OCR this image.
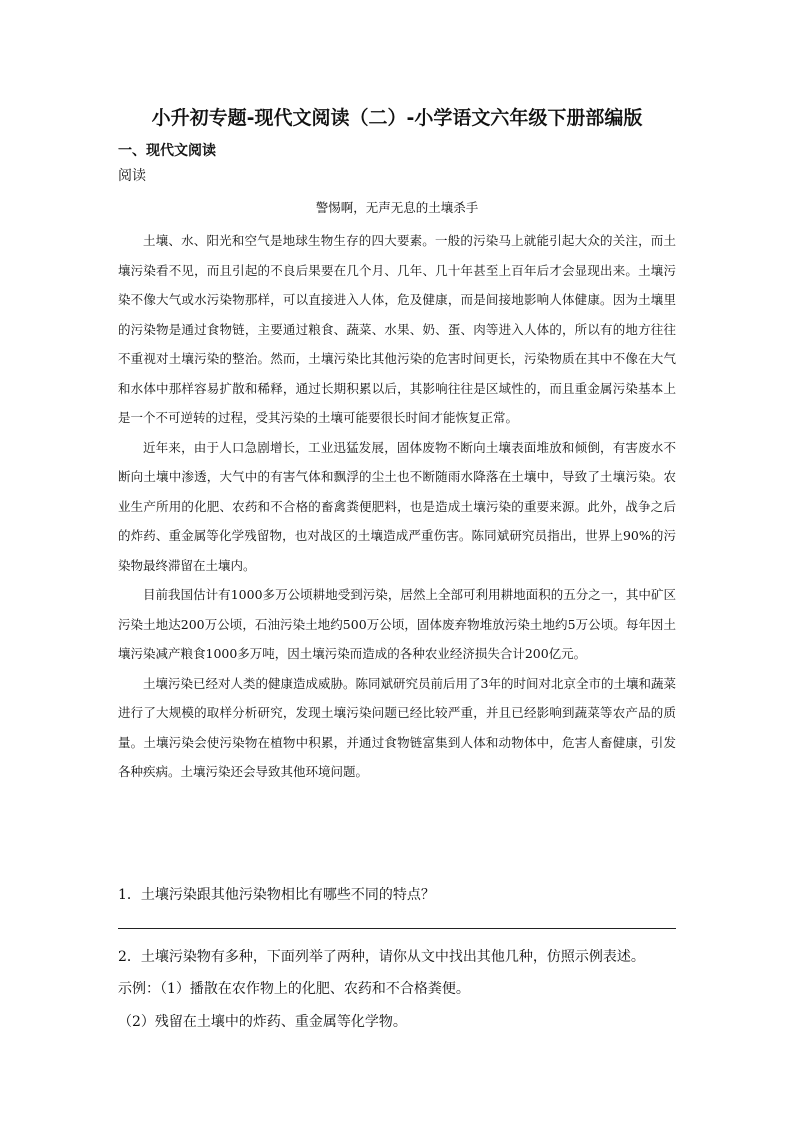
小升初专题-现代文阅读（二）-小学语文六年级下册部编版
一、现代文阅读
阅读
警惕啊，无声无息的土壤杀手

土壤、水、阳光和空气是地球生物生存的四大要素。一般的污染马上就能引起大众的关注，而土壤污染看不见，而且引起的不良后果要在几个月、几年、几十年甚至上百年后才会显现出来。土壤污染不像大气或水污染物那样，可以直接进入人体，危及健康，而是间接地影响人体健康。因为土壤里的污染物是通过食物链，主要通过粮食、蔬菜、水果、奶、蛋、肉等进入人体的，所以有的地方往往不重视对土壤污染的整治。然而，土壤污染比其他污染的危害时间更长，污染物质在其中不像在大气和水体中那样容易扩散和稀释，通过长期积累以后，其影响往往是区域性的，而且重金属污染基本上是一个不可逆转的过程，受其污染的土壤可能要很长时间才能恢复正常。

近年来，由于人口急剧增长，工业迅猛发展，固体废物不断向土壤表面堆放和倾倒，有害废水不断向土壤中渗透，大气中的有害气体和飘浮的尘土也不断随雨水降落在土壤中，导致了土壤污染。农业生产所用的化肥、农药和不合格的畜禽粪便肥料，也是造成土壤污染的重要来源。此外，战争之后的炸药、重金属等化学残留物，也对战区的土壤造成严重伤害。陈同斌研究员指出，世界上90%的污染物最终滞留在土壤内。

目前我国估计有1000多万公顷耕地受到污染，居然上全部可利用耕地面积的五分之一，其中矿区污染土地达200万公顷，石油污染土地约500万公顷，固体废弃物堆放污染土地约5万公顷。每年因土壤污染减产粮食1000多万吨，因土壤污染而造成的各种农业经济损失合计200亿元。

土壤污染已经对人类的健康造成威胁。陈同斌研究员前后用了3年的时间对北京全市的土壤和蔬菜进行了大规模的取样分析研究，发现土壤污染问题已经比较严重，并且已经影响到蔬菜等农产品的质量。土壤污染会使污染物在植物中积累，并通过食物链富集到人体和动物体中，危害人畜健康，引发各种疾病。土壤污染还会导致其他环境问题。

1．土壤污染跟其他污染物相比有哪些不同的特点？
2．土壤污染物有多种，下面列举了两种，请你从文中找出其他几种，仿照示例表述。
示例：（1）播散在农作物上的化肥、农药和不合格粪便。
（2）残留在土壤中的炸药、重金属等化学物。
